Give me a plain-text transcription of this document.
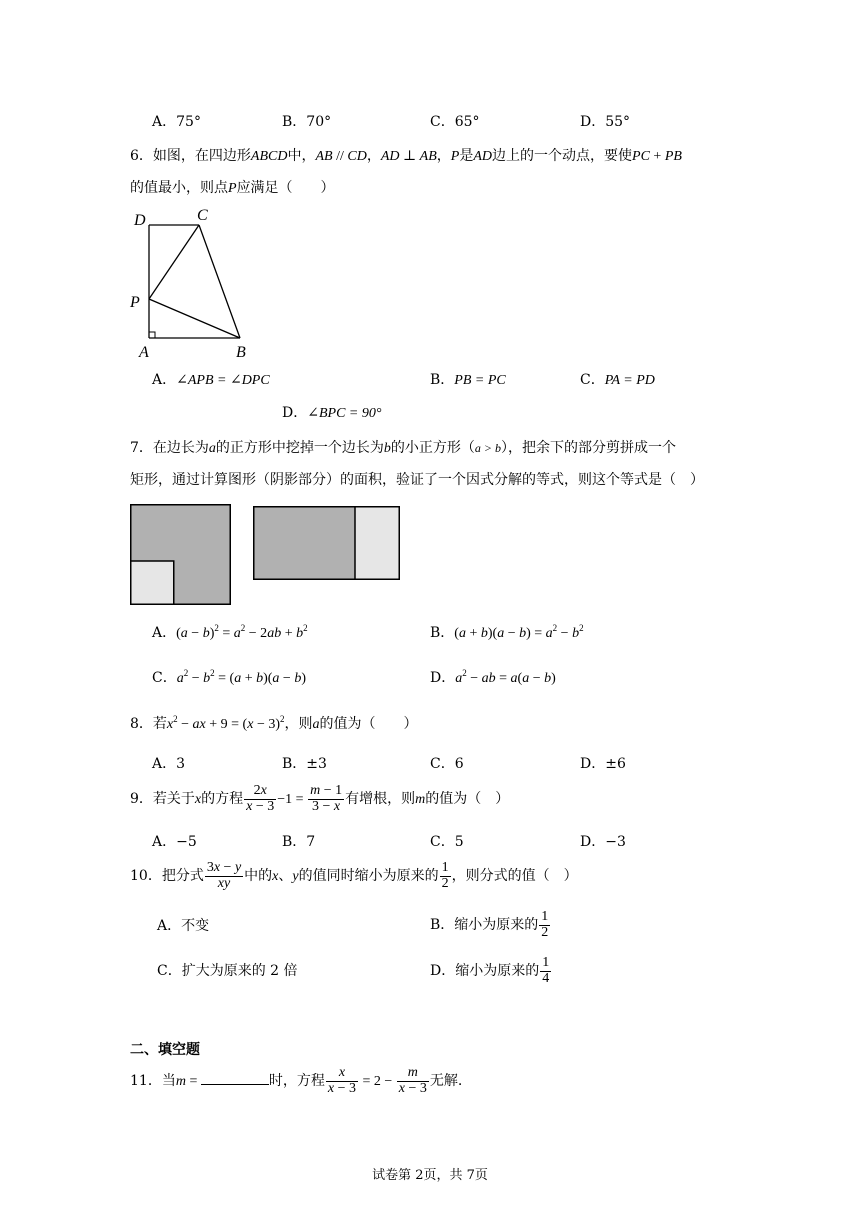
A．75°	B．70°	C．65°	D．55°
6．如图，在四边形ABCD中，AB // CD，AD ⊥ AB，P是AD边上的一个动点，要使PC + PB
的值最小，则点P应满足（　　）
D	C
P
A	B
A．∠APB = ∠DPC	B．PB = PC	C．PA = PD
D．∠BPC = 90°
7．在边长为a的正方形中挖掉一个边长为b的小正方形（a > b），把余下的部分剪拼成一个
矩形，通过计算图形（阴影部分）的面积，验证了一个因式分解的等式，则这个等式是（　）
A．$(a - b)^2 = a^2 - 2ab + b^2$	B．$(a + b)(a - b) = a^2 - b^2$
C．$a^2 - b^2 = (a + b)(a - b)$	D．$a^2$ − ab = a(a − b)
8．若$x^2$ − ax + $9 = (x - 3)^2$，则a的值为（　　）
A．3	B．±3	C．6	D．±6
9．若关于x的方程 $\frac{2x}{x - 3} -1 = \frac{m - 1}{3 - x}$ 有增根，则m的值为（　）
A．−5	B．7	C．5	D．−3
10．把分式 $\frac{3x - y}{xy}$ 中的x、y的值同时缩小为原来的 $\frac{1}{2}$ ，则分式的值（　）
A．不变	B．缩小为原来的 $\frac{1}{2}$
C．扩大为原来的 2 倍	D．缩小为原来的 $\frac{1}{4}$
二、填空题
11．当m =	时，方程 $\frac{x}{x - 3} = 2 - \frac{m}{x - 3}$ 无解.
试卷第 2页，共 7页
